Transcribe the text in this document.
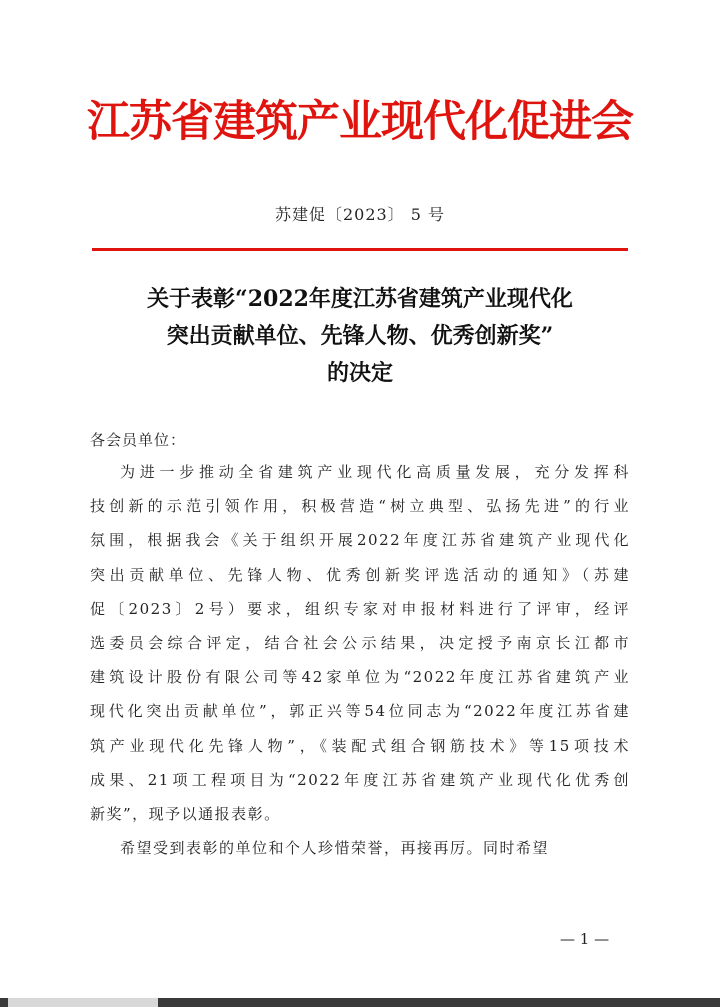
江苏省建筑产业现代化促进会
苏建促〔2023〕 5 号
关于表彰“2022年度江苏省建筑产业现代化
突出贡献单位、先锋人物、优秀创新奖”
的决定
各会员单位：
为进一步推动全省建筑产业现代化高质量发展，充分发挥科
技创新的示范引领作用，积极营造“树立典型、弘扬先进”的行业
氛围，根据我会《关于组织开展2022年度江苏省建筑产业现代化
突出贡献单位、先锋人物、优秀创新奖评选活动的通知》（苏建
促〔2023〕2号）要求，组织专家对申报材料进行了评审，经评
选委员会综合评定，结合社会公示结果，决定授予南京长江都市
建筑设计股份有限公司等42家单位为“2022年度江苏省建筑产业
现代化突出贡献单位”，郭正兴等54位同志为“2022年度江苏省建
筑产业现代化先锋人物”，《装配式组合钢筋技术》等15项技术
成果、21项工程项目为“2022年度江苏省建筑产业现代化优秀创
新奖”，现予以通报表彰。
希望受到表彰的单位和个人珍惜荣誉，再接再厉。同时希望
— 1 —
